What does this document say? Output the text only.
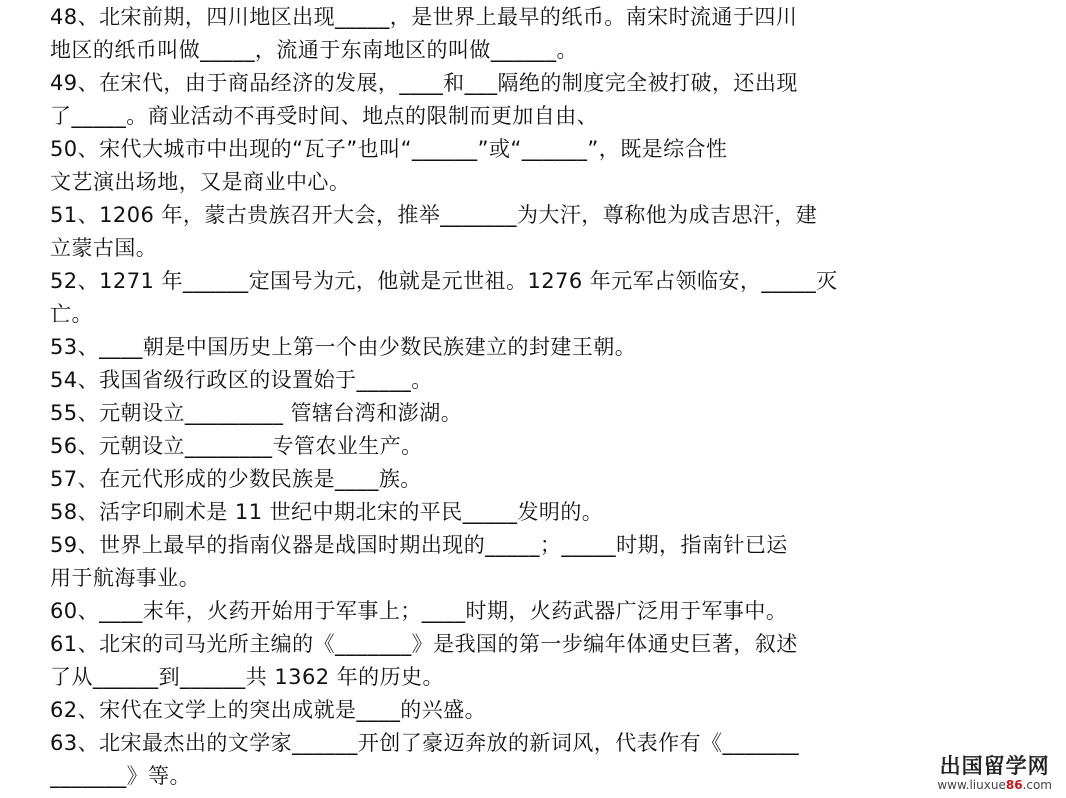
48、北宋前期，四川地区出现_____，是世界上最早的纸币。南宋时流通于四川
地区的纸币叫做_____，流通于东南地区的叫做______。
49、在宋代，由于商品经济的发展，____和___隔绝的制度完全被打破，还出现
了_____。商业活动不再受时间、地点的限制而更加自由、
50、宋代大城市中出现的“瓦子”也叫“______”或“______”，既是综合性
文艺演出场地，又是商业中心。
51、1206 年，蒙古贵族召开大会，推举_______为大汗，尊称他为成吉思汗，建
立蒙古国。
52、1271 年______定国号为元，他就是元世祖。1276 年元军占领临安，_____灭
亡。
53、____朝是中国历史上第一个由少数民族建立的封建王朝。
54、我国省级行政区的设置始于_____。
55、元朝设立_________ 管辖台湾和澎湖。
56、元朝设立________专管农业生产。
57、在元代形成的少数民族是____族。
58、活字印刷术是 11 世纪中期北宋的平民_____发明的。
59、世界上最早的指南仪器是战国时期出现的_____；_____时期，指南针已运
用于航海事业。
60、____末年，火药开始用于军事上；____时期，火药武器广泛用于军事中。
61、北宋的司马光所主编的《_______》是我国的第一步编年体通史巨著，叙述
了从______到______共 1362 年的历史。
62、宋代在文学上的突出成就是____的兴盛。
63、北宋最杰出的文学家______开创了豪迈奔放的新词风，代表作有《_______
_______》等。	出国留学网
www.liuxue86.com
